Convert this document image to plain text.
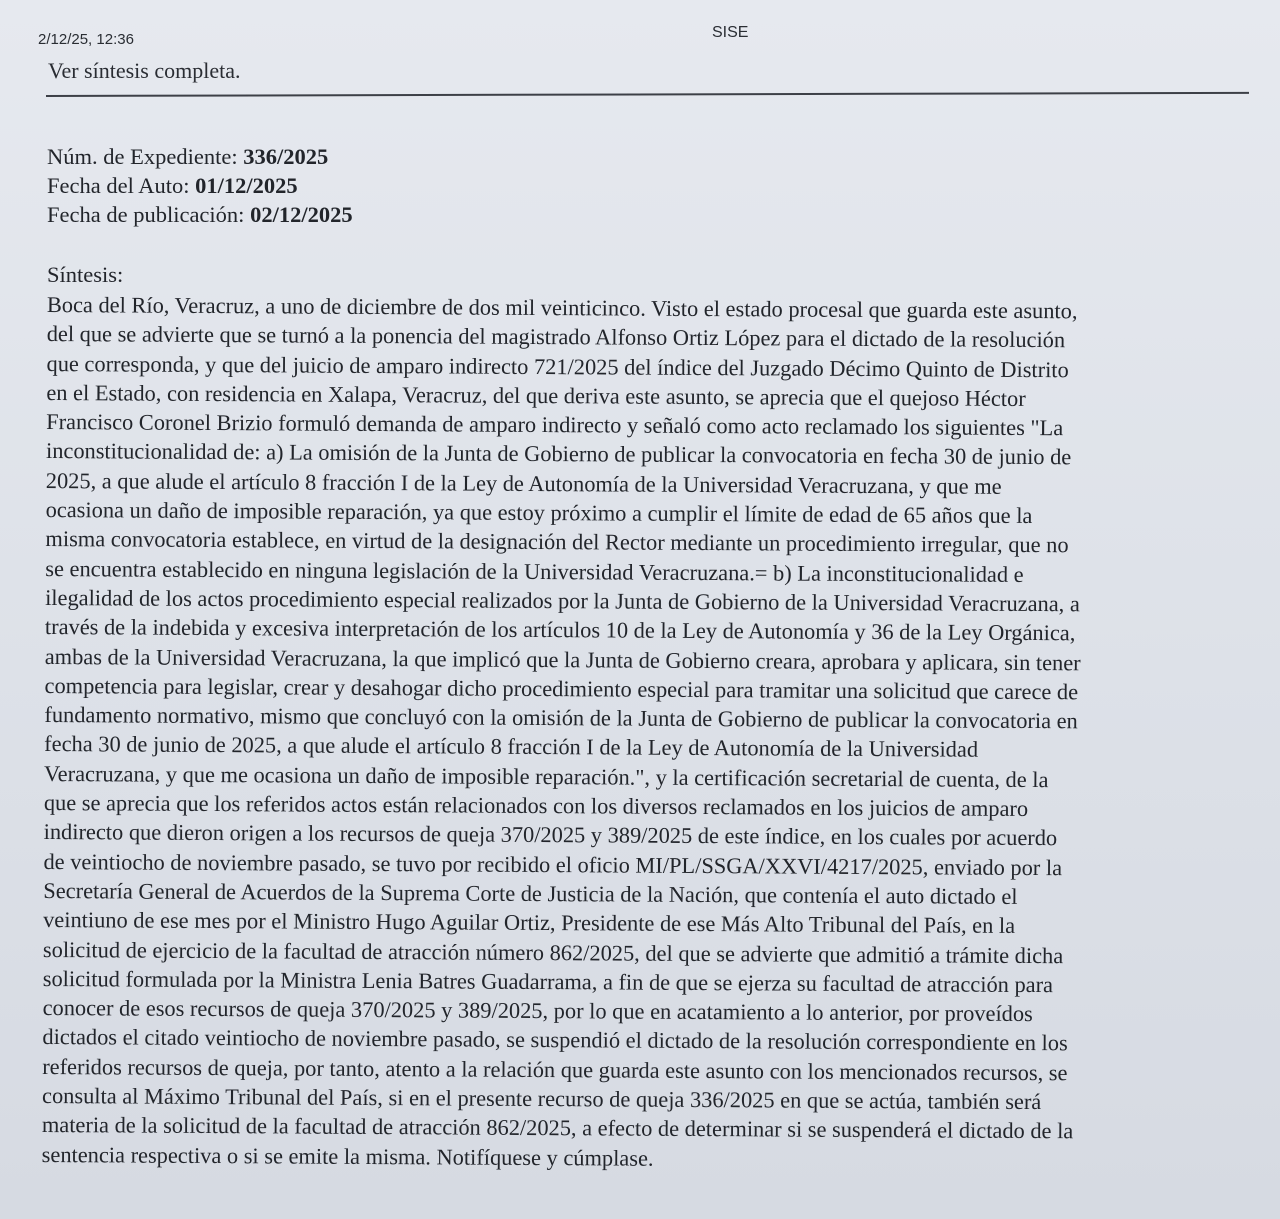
2/12/25, 12:36	SISE
Ver síntesis completa.
Núm. de Expediente: 336/2025
Fecha del Auto: 01/12/2025
Fecha de publicación: 02/12/2025
Síntesis:
Boca del Río, Veracruz, a uno de diciembre de dos mil veinticinco. Visto el estado procesal que guarda este asunto,
del que se advierte que se turnó a la ponencia del magistrado Alfonso Ortiz López para el dictado de la resolución
que corresponda, y que del juicio de amparo indirecto 721/2025 del índice del Juzgado Décimo Quinto de Distrito
en el Estado, con residencia en Xalapa, Veracruz, del que deriva este asunto, se aprecia que el quejoso Héctor
Francisco Coronel Brizio formuló demanda de amparo indirecto y señaló como acto reclamado los siguientes "La
inconstitucionalidad de: a) La omisión de la Junta de Gobierno de publicar la convocatoria en fecha 30 de junio de
2025, a que alude el artículo 8 fracción I de la Ley de Autonomía de la Universidad Veracruzana, y que me
ocasiona un daño de imposible reparación, ya que estoy próximo a cumplir el límite de edad de 65 años que la
misma convocatoria establece, en virtud de la designación del Rector mediante un procedimiento irregular, que no
se encuentra establecido en ninguna legislación de la Universidad Veracruzana.= b) La inconstitucionalidad e
ilegalidad de los actos procedimiento especial realizados por la Junta de Gobierno de la Universidad Veracruzana, a
través de la indebida y excesiva interpretación de los artículos 10 de la Ley de Autonomía y 36 de la Ley Orgánica,
ambas de la Universidad Veracruzana, la que implicó que la Junta de Gobierno creara, aprobara y aplicara, sin tener
competencia para legislar, crear y desahogar dicho procedimiento especial para tramitar una solicitud que carece de
fundamento normativo, mismo que concluyó con la omisión de la Junta de Gobierno de publicar la convocatoria en
fecha 30 de junio de 2025, a que alude el artículo 8 fracción I de la Ley de Autonomía de la Universidad
Veracruzana, y que me ocasiona un daño de imposible reparación.", y la certificación secretarial de cuenta, de la
que se aprecia que los referidos actos están relacionados con los diversos reclamados en los juicios de amparo
indirecto que dieron origen a los recursos de queja 370/2025 y 389/2025 de este índice, en los cuales por acuerdo
de veintiocho de noviembre pasado, se tuvo por recibido el oficio MI/PL/SSGA/XXVI/4217/2025, enviado por la
Secretaría General de Acuerdos de la Suprema Corte de Justicia de la Nación, que contenía el auto dictado el
veintiuno de ese mes por el Ministro Hugo Aguilar Ortiz, Presidente de ese Más Alto Tribunal del País, en la
solicitud de ejercicio de la facultad de atracción número 862/2025, del que se advierte que admitió a trámite dicha
solicitud formulada por la Ministra Lenia Batres Guadarrama, a fin de que se ejerza su facultad de atracción para
conocer de esos recursos de queja 370/2025 y 389/2025, por lo que en acatamiento a lo anterior, por proveídos
dictados el citado veintiocho de noviembre pasado, se suspendió el dictado de la resolución correspondiente en los
referidos recursos de queja, por tanto, atento a la relación que guarda este asunto con los mencionados recursos, se
consulta al Máximo Tribunal del País, si en el presente recurso de queja 336/2025 en que se actúa, también será
materia de la solicitud de la facultad de atracción 862/2025, a efecto de determinar si se suspenderá el dictado de la
sentencia respectiva o si se emite la misma. Notifíquese y cúmplase.
